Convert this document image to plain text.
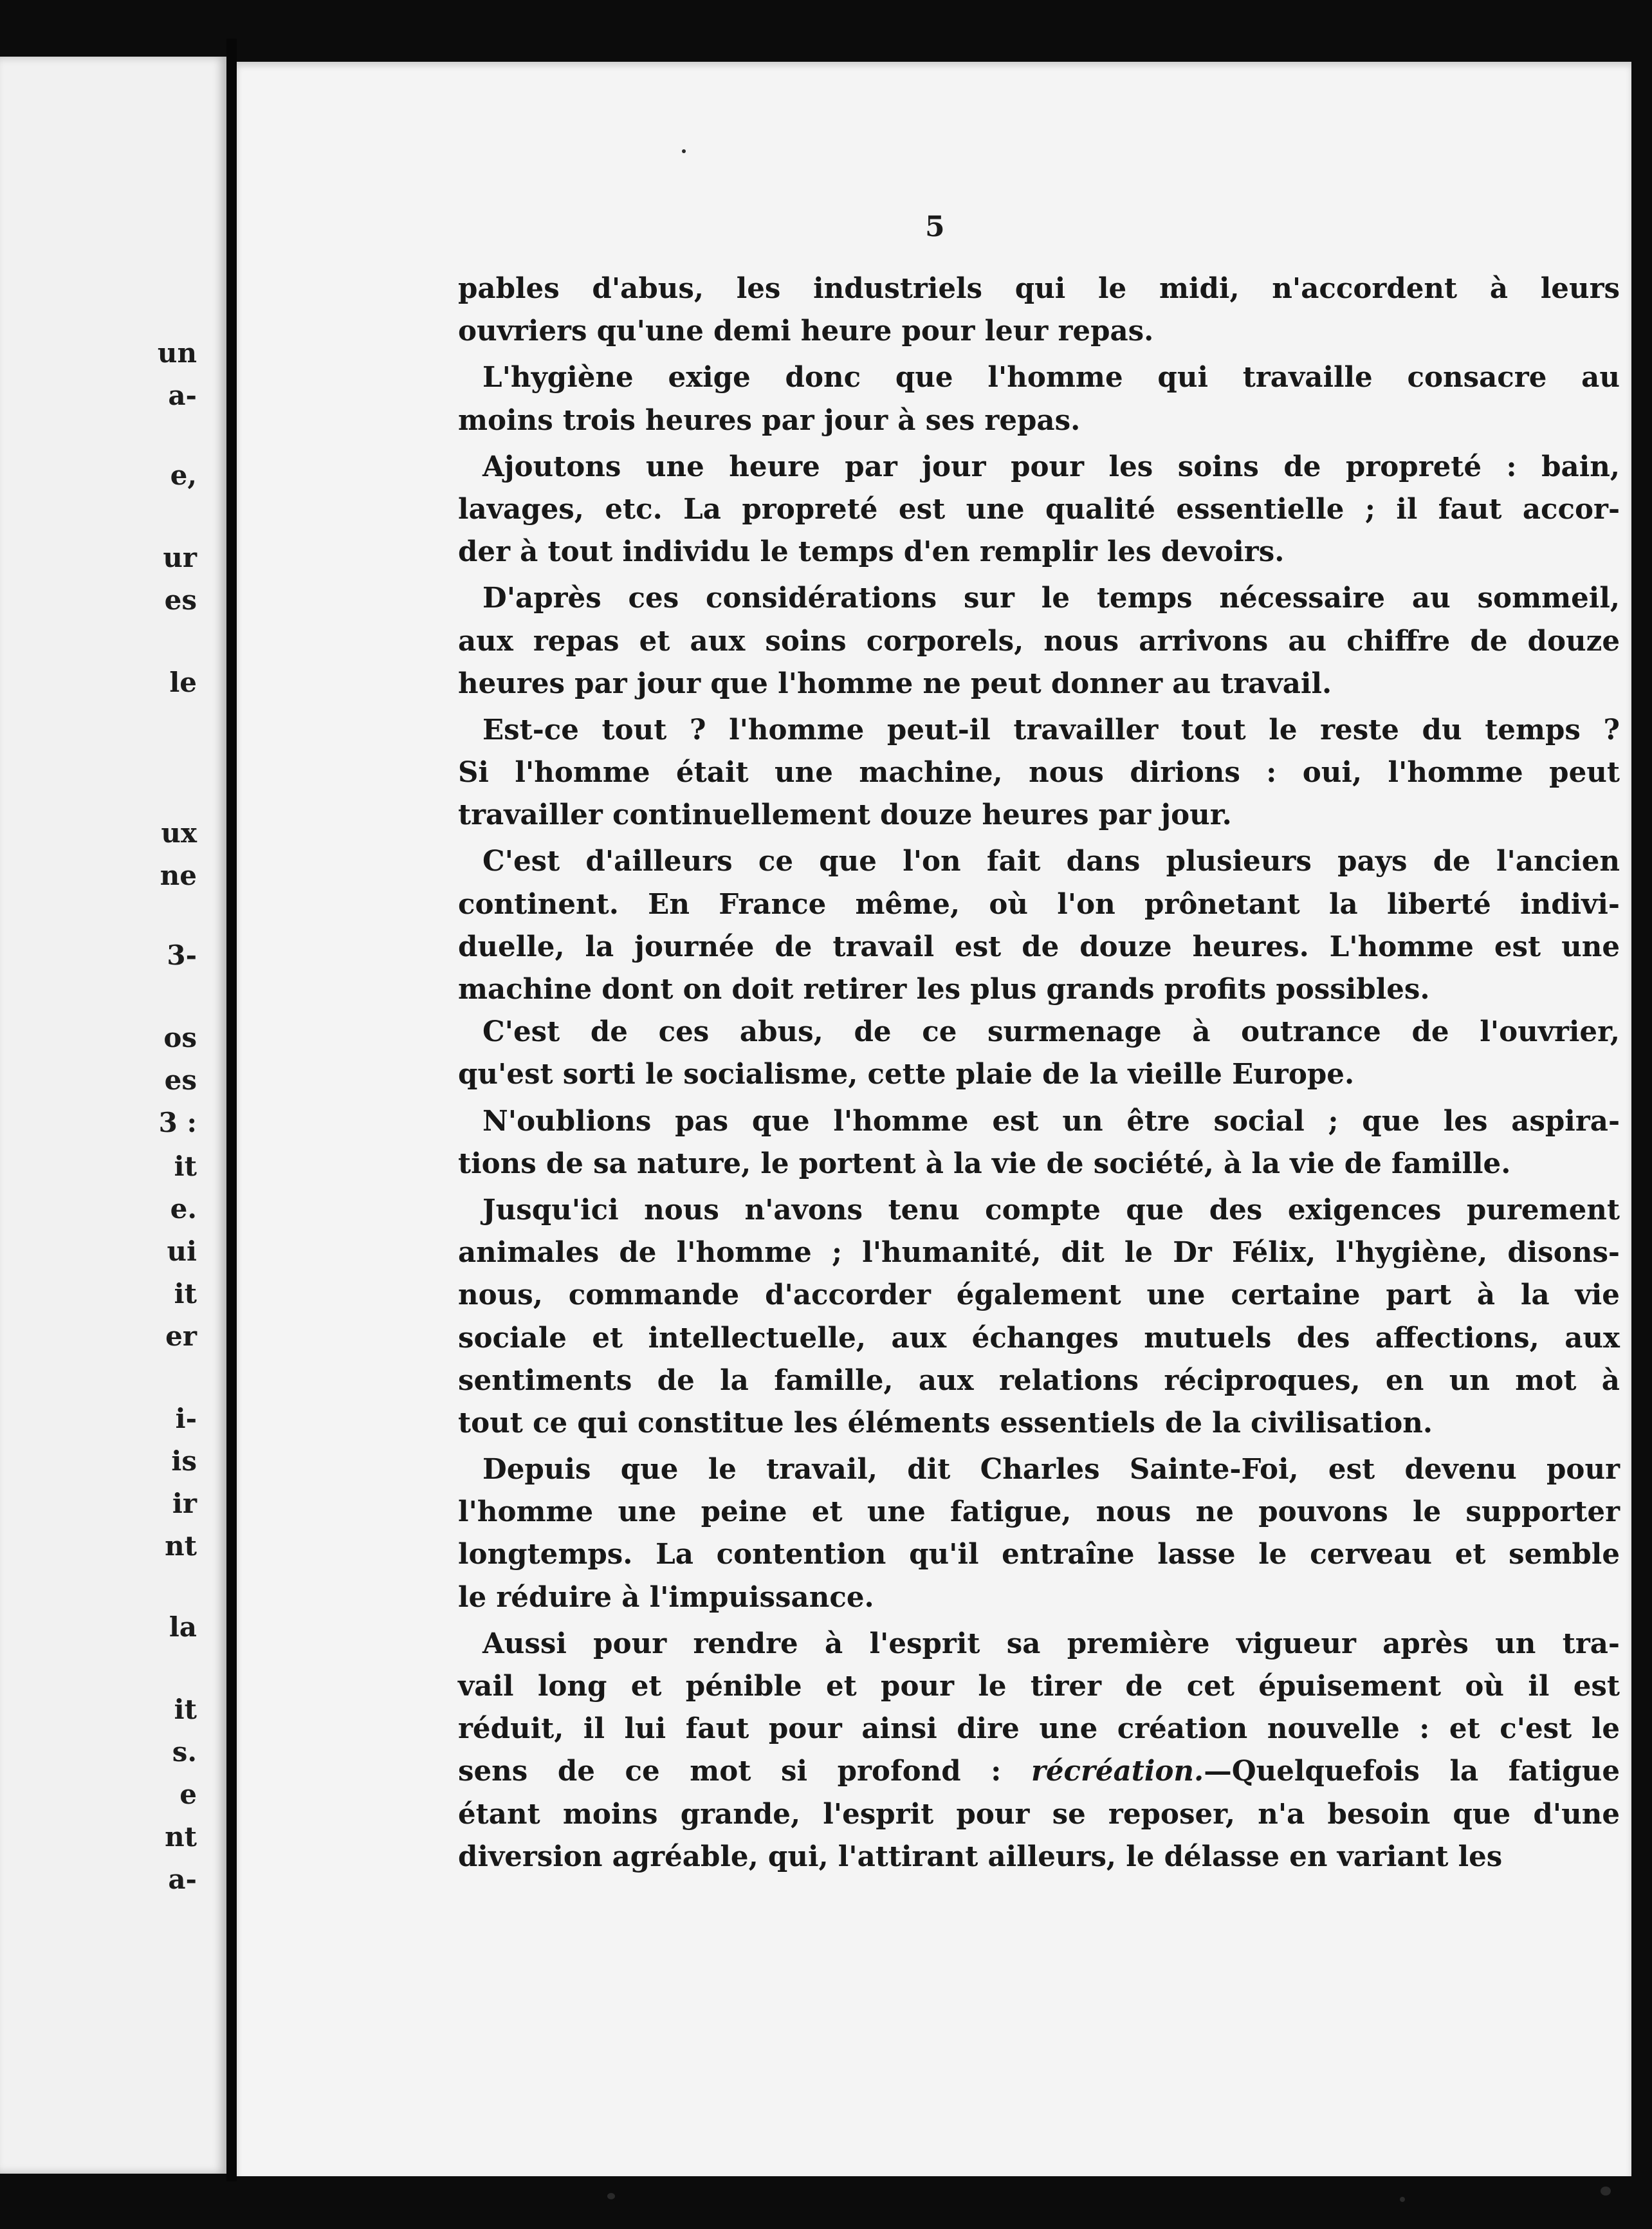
un
a-
e,
ur
es
le
ux
ne
3-
os
es
3 :
it
e.
ui
it
er
i-
is
ir
nt
la
it
s.
e
nt
a-
5
pables d'abus, les industriels qui le midi, n'accordent à leurs
ouvriers qu'une demi heure pour leur repas.
L'hygiène exige donc que l'homme qui travaille consacre au
moins trois heures par jour à ses repas.
Ajoutons une heure par jour pour les soins de propreté : bain,
lavages, etc. La propreté est une qualité essentielle ; il faut accor-
der à tout individu le temps d'en remplir les devoirs.
D'après ces considérations sur le temps nécessaire au sommeil,
aux repas et aux soins corporels, nous arrivons au chiffre de douze
heures par jour que l'homme ne peut donner au travail.
Est-ce tout ? l'homme peut-il travailler tout le reste du temps ?
Si l'homme était une machine, nous dirions : oui, l'homme peut
travailler continuellement douze heures par jour.
C'est d'ailleurs ce que l'on fait dans plusieurs pays de l'ancien
continent. En France même, où l'on prônetant la liberté indivi-
duelle, la journée de travail est de douze heures. L'homme est une
machine dont on doit retirer les plus grands profits possibles.
C'est de ces abus, de ce surmenage à outrance de l'ouvrier,
qu'est sorti le socialisme, cette plaie de la vieille Europe.
N'oublions pas que l'homme est un être social ; que les aspira-
tions de sa nature, le portent à la vie de société, à la vie de famille.
Jusqu'ici nous n'avons tenu compte que des exigences purement
animales de l'homme ; l'humanité, dit le Dr Félix, l'hygiène, disons-
nous, commande d'accorder également une certaine part à la vie
sociale et intellectuelle, aux échanges mutuels des affections, aux
sentiments de la famille, aux relations réciproques, en un mot à
tout ce qui constitue les éléments essentiels de la civilisation.
Depuis que le travail, dit Charles Sainte-Foi, est devenu pour
l'homme une peine et une fatigue, nous ne pouvons le supporter
longtemps. La contention qu'il entraîne lasse le cerveau et semble
le réduire à l'impuissance.
Aussi pour rendre à l'esprit sa première vigueur après un tra-
vail long et pénible et pour le tirer de cet épuisement où il est
réduit, il lui faut pour ainsi dire une création nouvelle : et c'est le
sens de ce mot si profond : récréation.—Quelquefois la fatigue
étant moins grande, l'esprit pour se reposer, n'a besoin que d'une
diversion agréable, qui, l'attirant ailleurs, le délasse en variant les
